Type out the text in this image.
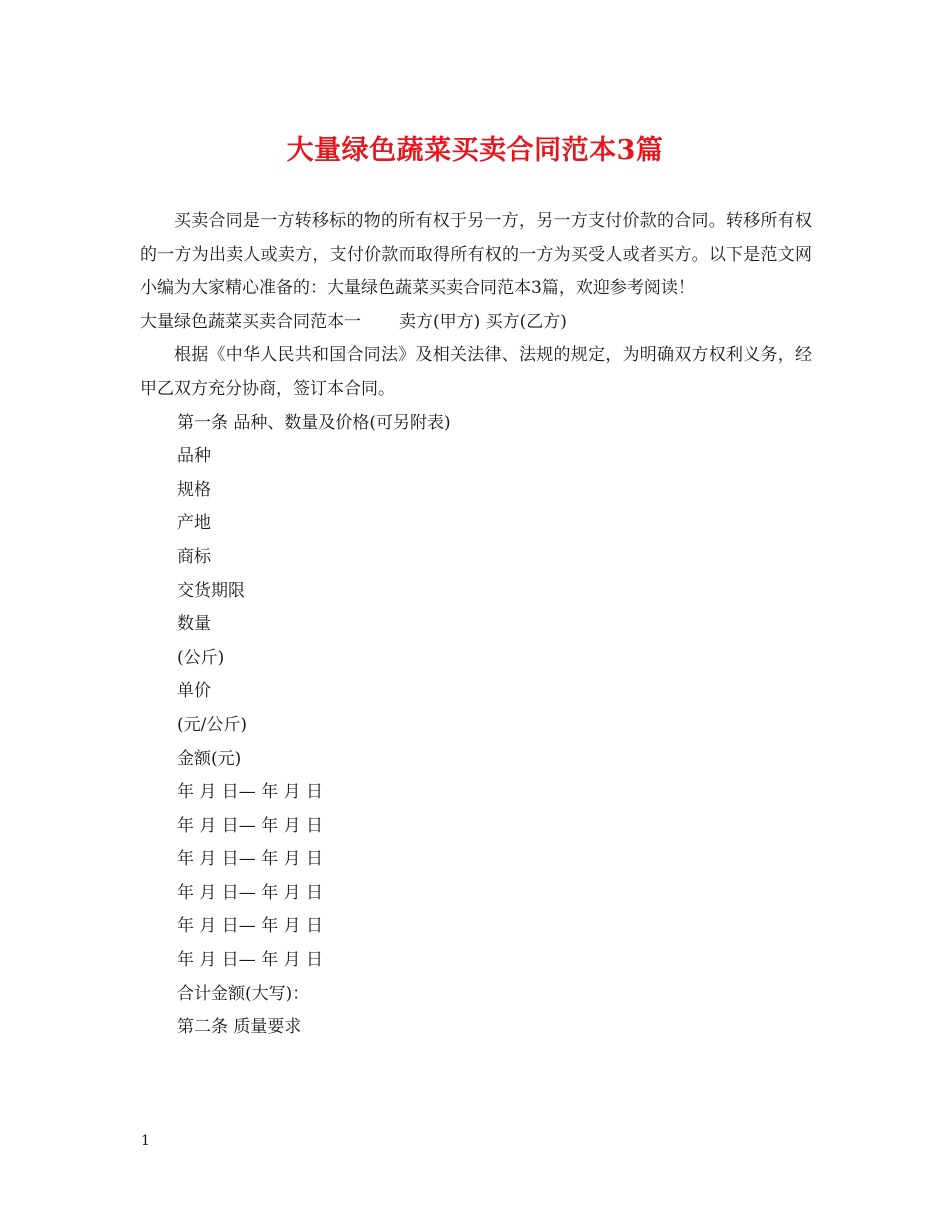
大量绿色蔬菜买卖合同范本3篇

买卖合同是一方转移标的物的所有权于另一方，另一方支付价款的合同。转移所有权的一方为出卖人或卖方，支付价款而取得所有权的一方为买受人或者买方。以下是范文网小编为大家精心准备的：大量绿色蔬菜买卖合同范本3篇，欢迎参考阅读！

大量绿色蔬菜买卖合同范本一 卖方(甲方) 买方(乙方)

根据《中华人民共和国合同法》及相关法律、法规的规定，为明确双方权利义务，经甲乙双方充分协商，签订本合同。

第一条 品种、数量及价格(可另附表)

品种

规格

产地

商标

交货期限

数量

(公斤)

单价

(元/公斤)

金额(元)

年 月 日— 年 月 日

年 月 日— 年 月 日

年 月 日— 年 月 日

年 月 日— 年 月 日

年 月 日— 年 月 日

年 月 日— 年 月 日

合计金额(大写)：

第二条 质量要求

1
